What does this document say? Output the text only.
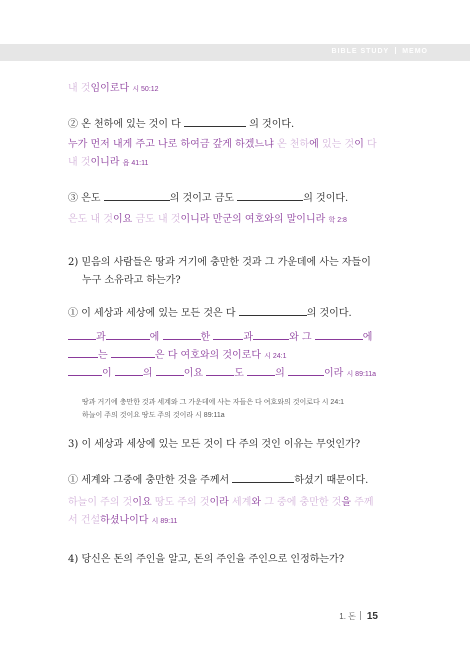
BIBLE STUDY MEMO
내 것임이로다 시 50:12
② 온 천하에 있는 것이 다	의 것이다.
누가 먼저 내게 주고 나로 하여금 갚게 하겠느냐 온 천하에 있는 것이 다
내 것이니라 욥 41:11
③ 은도	의 것이고 금도	의 것이다.
은도 내 것이요 금도 내 것이니라 만군의 여호와의 말이니라 학 2:8
2) 믿음의 사람들은 땅과 거기에 충만한 것과 그 가운데에 사는 자들이
누구 소유라고 하는가?
① 이 세상과 세상에 있는 모든 것은 다	의 것이다.
과	에	한	과	와 그	에
는	은 다 여호와의 것이로다 시 24:1
이	의	이요	도	의	이라 시 89:11a
땅과 거기에 충만한 것과 세계와 그 가운데에 사는 자들은 다 여호와의 것이로다 시 24:1
하늘이 주의 것이요 땅도 주의 것이라 시 89:11a
3) 이 세상과 세상에 있는 모든 것이 다 주의 것인 이유는 무엇인가?
① 세계와 그중에 충만한 것을 주께서	하셨기 때문이다.
하늘이 주의 것이요 땅도 주의 것이라 세계와 그 중에 충만한 것을 주께
서 건설하셨나이다 시 89:11
4) 당신은 돈의 주인을 알고, 돈의 주인을 주인으로 인정하는가?
1. 돈 15
